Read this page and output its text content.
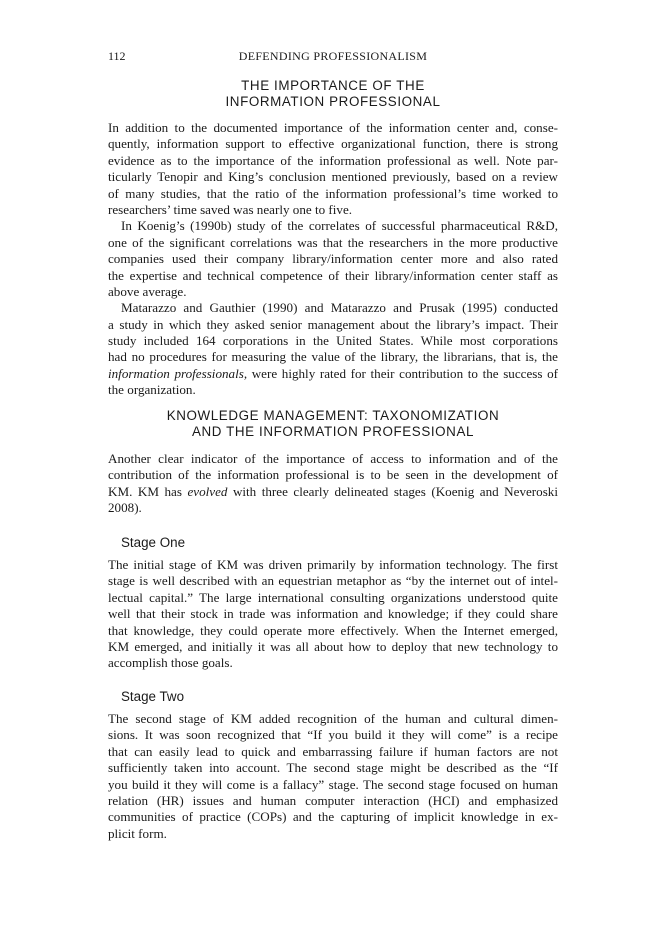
112	DEFENDING PROFESSIONALISM
THE IMPORTANCE OF THE
INFORMATION PROFESSIONAL
In addition to the documented importance of the information center and, conse-
quently, information support to effective organizational function, there is strong
evidence as to the importance of the information professional as well. Note par-
ticularly Tenopir and King’s conclusion mentioned previously, based on a review
of many studies, that the ratio of the information professional’s time worked to
researchers’ time saved was nearly one to five.
In Koenig’s (1990b) study of the correlates of successful pharmaceutical R&D,
one of the significant correlations was that the researchers in the more productive
companies used their company library/information center more and also rated
the expertise and technical competence of their library/information center staff as
above average.
Matarazzo and Gauthier (1990) and Matarazzo and Prusak (1995) conducted
a study in which they asked senior management about the library’s impact. Their
study included 164 corporations in the United States. While most corporations
had no procedures for measuring the value of the library, the librarians, that is, the
information professionals, were highly rated for their contribution to the success of
the organization.
KNOWLEDGE MANAGEMENT: TAXONOMIZATION
AND THE INFORMATION PROFESSIONAL
Another clear indicator of the importance of access to information and of the
contribution of the information professional is to be seen in the development of
KM. KM has evolved with three clearly delineated stages (Koenig and Neveroski
2008).
Stage One
The initial stage of KM was driven primarily by information technology. The first
stage is well described with an equestrian metaphor as “by the internet out of intel-
lectual capital.” The large international consulting organizations understood quite
well that their stock in trade was information and knowledge; if they could share
that knowledge, they could operate more effectively. When the Internet emerged,
KM emerged, and initially it was all about how to deploy that new technology to
accomplish those goals.
Stage Two
The second stage of KM added recognition of the human and cultural dimen-
sions. It was soon recognized that “If you build it they will come” is a recipe
that can easily lead to quick and embarrassing failure if human factors are not
sufficiently taken into account. The second stage might be described as the “If
you build it they will come is a fallacy” stage. The second stage focused on human
relation (HR) issues and human computer interaction (HCI) and emphasized
communities of practice (COPs) and the capturing of implicit knowledge in ex-
plicit form.
